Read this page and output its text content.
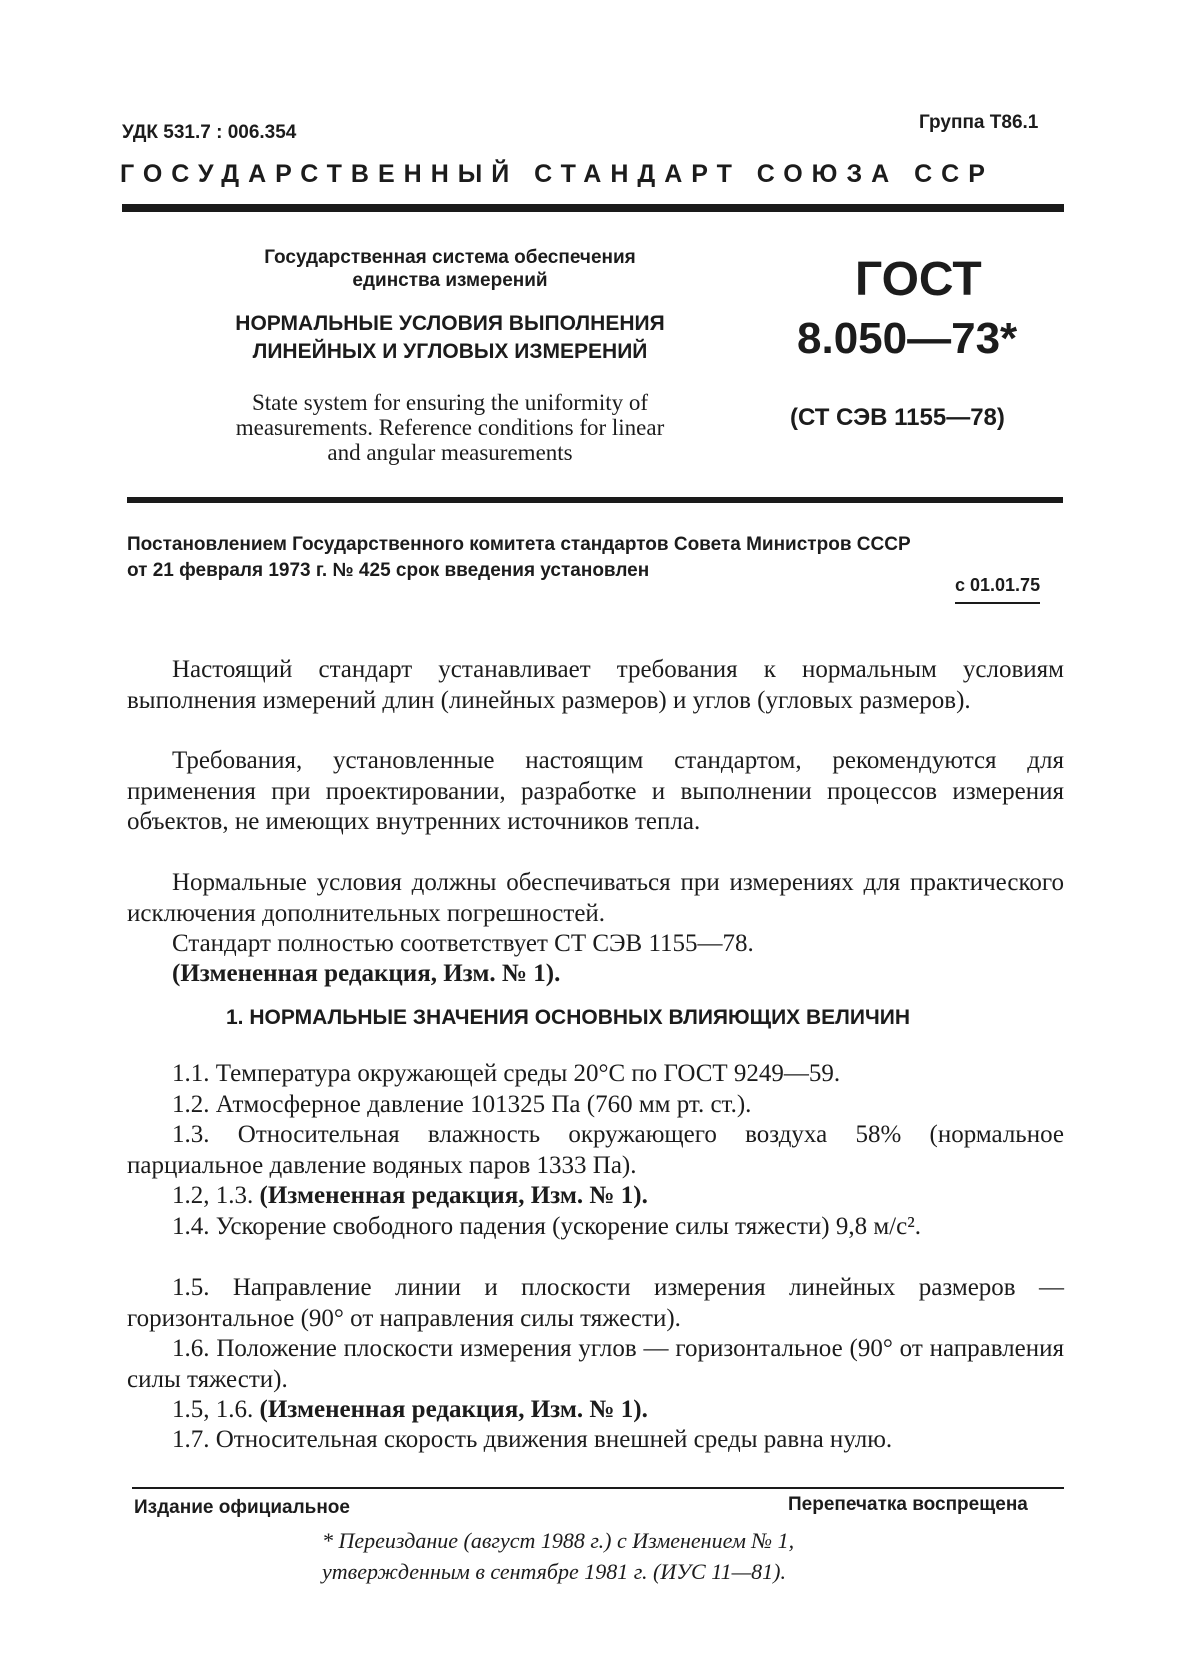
УДК 531.7 : 006.354	Группа Т86.1
ГОСУДАРСТВЕННЫЙ СТАНДАРТ СОЮЗА ССР
Государственная система обеспечения
единства измерений
НОРМАЛЬНЫЕ УСЛОВИЯ ВЫПОЛНЕНИЯ
ЛИНЕЙНЫХ И УГЛОВЫХ ИЗМЕРЕНИЙ
State system for ensuring the uniformity of
measurements. Reference conditions for linear
and angular measurements
ГОСТ
8.050—73*
(СТ СЭВ 1155—78)
Постановлением Государственного комитета стандартов Совета Министров СССР
от 21 февраля 1973 г. № 425 срок введения установлен
с 01.01.75
Настоящий стандарт устанавливает требования к нормальным условиям выполнения измерений длин (линейных размеров) и углов (угловых размеров).
Требования, установленные настоящим стандартом, рекомендуются для применения при проектировании, разработке и выполнении процессов измерения объектов, не имеющих внутренних источников тепла.
Нормальные условия должны обеспечиваться при измерениях для практического исключения дополнительных погрешностей.
Стандарт полностью соответствует СТ СЭВ 1155—78.
(Измененная редакция, Изм. № 1).
1. НОРМАЛЬНЫЕ ЗНАЧЕНИЯ ОСНОВНЫХ ВЛИЯЮЩИХ ВЕЛИЧИН
1.1. Температура окружающей среды 20°С по ГОСТ 9249—59.
1.2. Атмосферное давление 101325 Па (760 мм рт. ст.).
1.3. Относительная влажность окружающего воздуха 58% (нормальное парциальное давление водяных паров 1333 Па).
1.2, 1.3. (Измененная редакция, Изм. № 1).
1.4. Ускорение свободного падения (ускорение силы тяжести) 9,8 м/с².
1.5. Направление линии и плоскости измерения линейных размеров — горизонтальное (90° от направления силы тяжести).
1.6. Положение плоскости измерения углов — горизонтальное (90° от направления силы тяжести).
1.5, 1.6. (Измененная редакция, Изм. № 1).
1.7. Относительная скорость движения внешней среды равна нулю.
Издание официальное	Перепечатка воспрещена
* Переиздание (август 1988 г.) с Изменением № 1,
утвержденным в сентябре 1981 г. (ИУС 11—81).
